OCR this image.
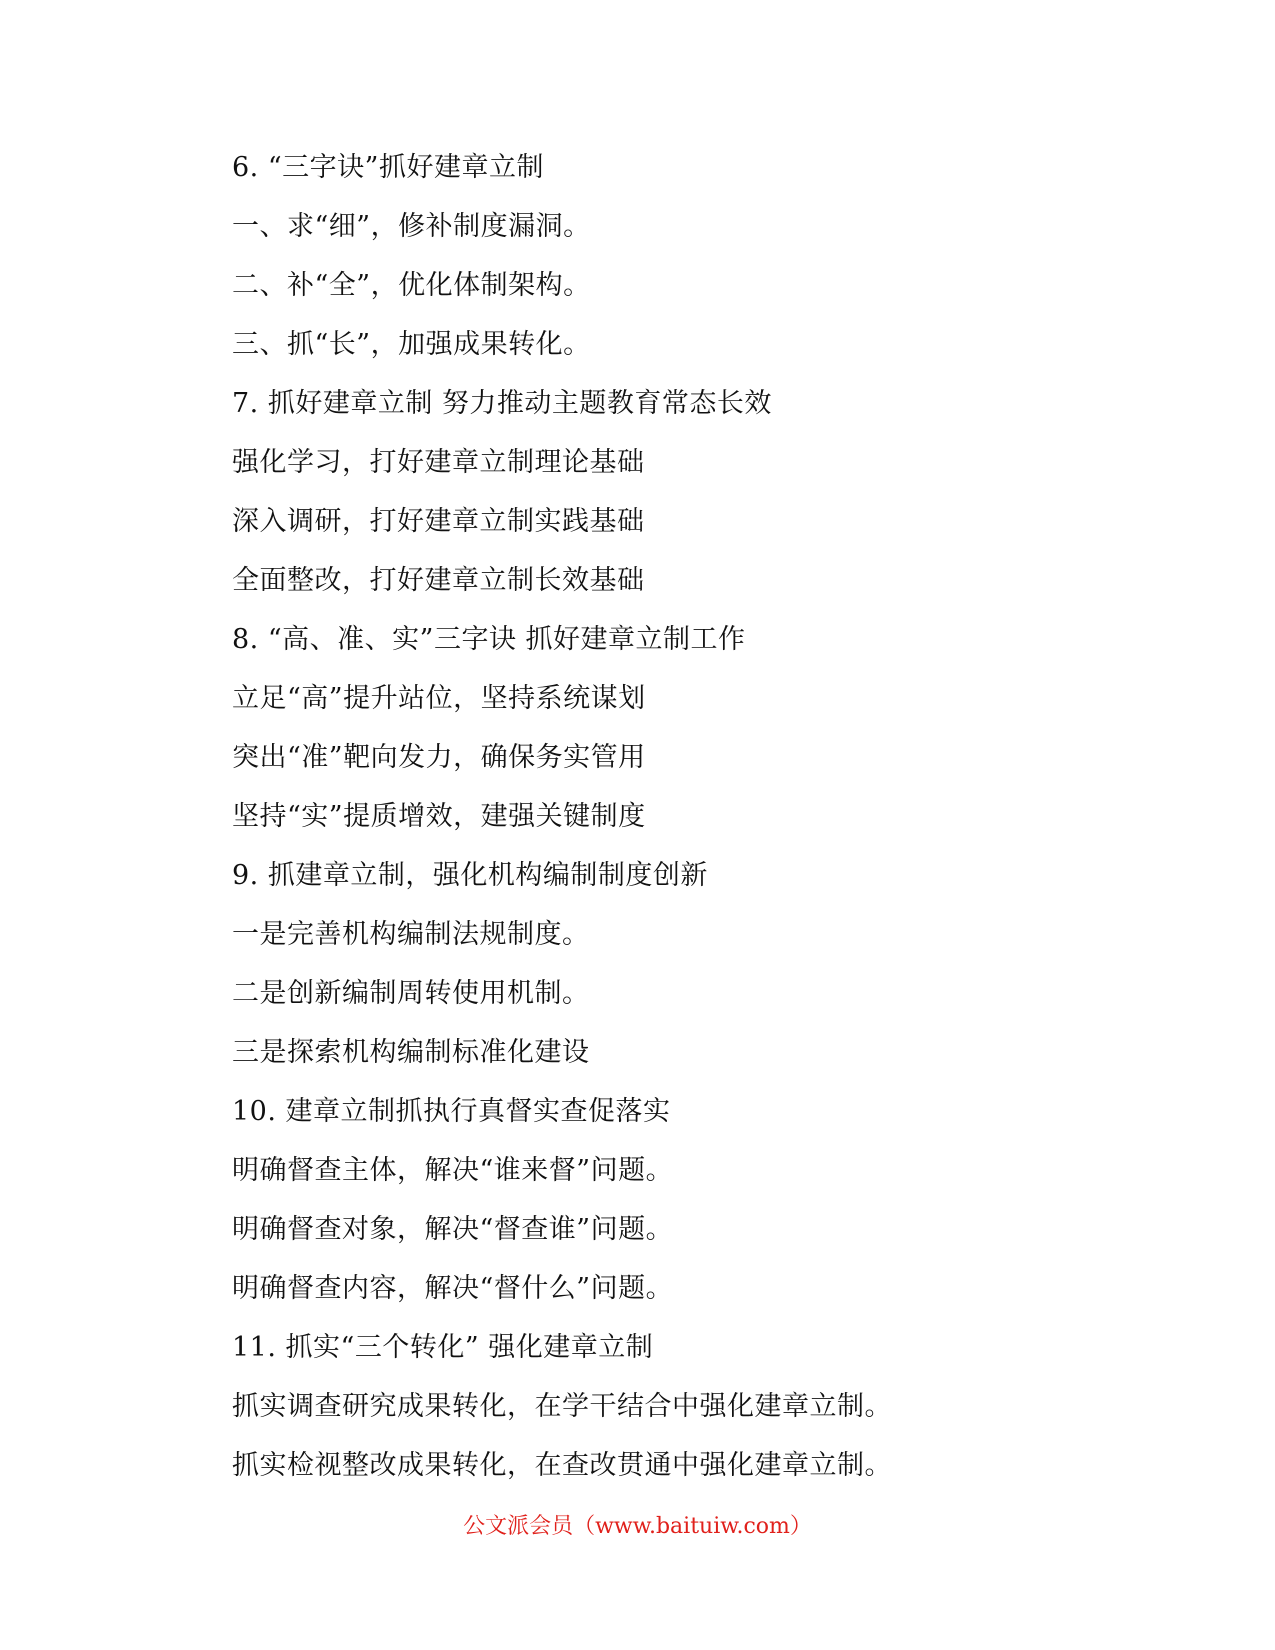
6. “三字诀”抓好建章立制
一、求“细”，修补制度漏洞。
二、补“全”，优化体制架构。
三、抓“长”，加强成果转化。
7. 抓好建章立制 努力推动主题教育常态长效
强化学习，打好建章立制理论基础
深入调研，打好建章立制实践基础
全面整改，打好建章立制长效基础
8. “高、准、实”三字诀 抓好建章立制工作
立足“高”提升站位，坚持系统谋划
突出“准”靶向发力，确保务实管用
坚持“实”提质增效，建强关键制度
9. 抓建章立制，强化机构编制制度创新
一是完善机构编制法规制度。
二是创新编制周转使用机制。
三是探索机构编制标准化建设
10. 建章立制抓执行真督实查促落实
明确督查主体，解决“谁来督”问题。
明确督查对象，解决“督查谁”问题。
明确督查内容，解决“督什么”问题。
11. 抓实“三个转化” 强化建章立制
抓实调查研究成果转化，在学干结合中强化建章立制。
抓实检视整改成果转化，在查改贯通中强化建章立制。
公文派会员（www.baituiw.com）
